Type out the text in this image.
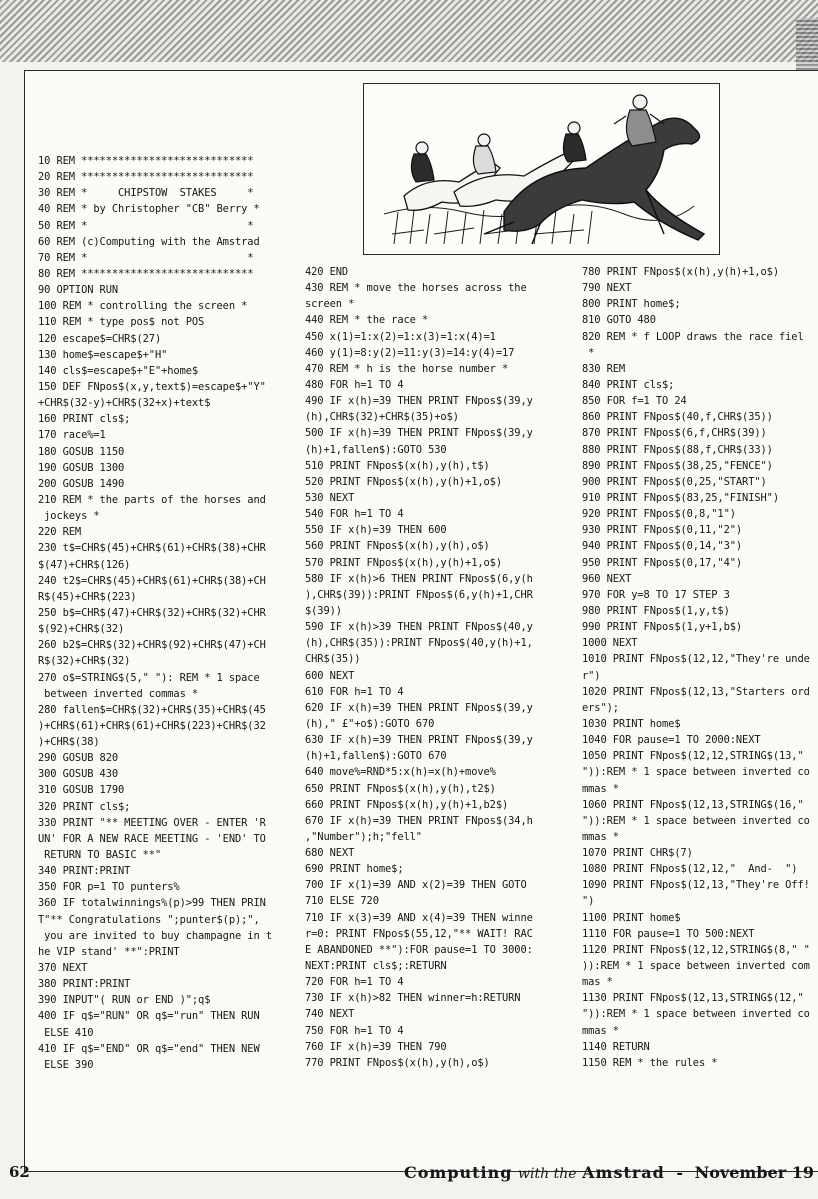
10 REM ****************************
20 REM ****************************
30 REM *     CHIPSTOW  STAKES     *
40 REM * by Christopher "CB" Berry *
50 REM *                          *
60 REM (c)Computing with the Amstrad
70 REM *                          *
80 REM ****************************
90 OPTION RUN
100 REM * controlling the screen *
110 REM * type pos$ not POS
120 escape$=CHR$(27)
130 home$=escape$+"H"
140 cls$=escape$+"E"+home$
150 DEF FNpos$(x,y,text$)=escape$+"Y"
+CHR$(32-y)+CHR$(32+x)+text$
160 PRINT cls$;
170 race%=1
180 GOSUB 1150
190 GOSUB 1300
200 GOSUB 1490
210 REM * the parts of the horses and
jockeys *
220 REM
230 t$=CHR$(45)+CHR$(61)+CHR$(38)+CHR
$(47)+CHR$(126)
240 t2$=CHR$(45)+CHR$(61)+CHR$(38)+CH
R$(45)+CHR$(223)
250 b$=CHR$(47)+CHR$(32)+CHR$(32)+CHR
$(92)+CHR$(32)
260 b2$=CHR$(32)+CHR$(92)+CHR$(47)+CH
R$(32)+CHR$(32)
270 o$=STRING$(5," "): REM * 1 space
between inverted commas *
280 fallen$=CHR$(32)+CHR$(35)+CHR$(45
)+CHR$(61)+CHR$(61)+CHR$(223)+CHR$(32
)+CHR$(38)
290 GOSUB 820
300 GOSUB 430
310 GOSUB 1790
320 PRINT cls$;
330 PRINT "** MEETING OVER - ENTER 'R
UN' FOR A NEW RACE MEETING - 'END' TO
RETURN TO BASIC **"
340 PRINT:PRINT
350 FOR p=1 TO punters%
360 IF totalwinnings%(p)>99 THEN PRIN
T"** Congratulations ";punter$(p);",
you are invited to buy champagne in t
he VIP stand' **":PRINT
370 NEXT
380 PRINT:PRINT
390 INPUT"( RUN or END )";q$
400 IF q$="RUN" OR q$="run" THEN RUN
ELSE 410
410 IF q$="END" OR q$="end" THEN NEW
ELSE 390
420 END
430 REM * move the horses across the
screen *
440 REM * the race *
450 x(1)=1:x(2)=1:x(3)=1:x(4)=1
460 y(1)=8:y(2)=11:y(3)=14:y(4)=17
470 REM * h is the horse number *
480 FOR h=1 TO 4
490 IF x(h)=39 THEN PRINT FNpos$(39,y
(h),CHR$(32)+CHR$(35)+o$)
500 IF x(h)=39 THEN PRINT FNpos$(39,y
(h)+1,fallen$):GOTO 530
510 PRINT FNpos$(x(h),y(h),t$)
520 PRINT FNpos$(x(h),y(h)+1,o$)
530 NEXT
540 FOR h=1 TO 4
550 IF x(h)=39 THEN 600
560 PRINT FNpos$(x(h),y(h),o$)
570 PRINT FNpos$(x(h),y(h)+1,o$)
580 IF x(h)>6 THEN PRINT FNpos$(6,y(h
),CHR$(39)):PRINT FNpos$(6,y(h)+1,CHR
$(39))
590 IF x(h)>39 THEN PRINT FNpos$(40,y
(h),CHR$(35)):PRINT FNpos$(40,y(h)+1,
CHR$(35))
600 NEXT
610 FOR h=1 TO 4
620 IF x(h)=39 THEN PRINT FNpos$(39,y
(h)," £"+o$):GOTO 670
630 IF x(h)=39 THEN PRINT FNpos$(39,y
(h)+1,fallen$):GOTO 670
640 move%=RND*5:x(h)=x(h)+move%
650 PRINT FNpos$(x(h),y(h),t2$)
660 PRINT FNpos$(x(h),y(h)+1,b2$)
670 IF x(h)=39 THEN PRINT FNpos$(34,h
,"Number");h;"fell"
680 NEXT
690 PRINT home$;
700 IF x(1)=39 AND x(2)=39 THEN GOTO
710 ELSE 720
710 IF x(3)=39 AND x(4)=39 THEN winne
r=0: PRINT FNpos$(55,12,"** WAIT! RAC
E ABANDONED **"):FOR pause=1 TO 3000:
NEXT:PRINT cls$;:RETURN
720 FOR h=1 TO 4
730 IF x(h)>82 THEN winner=h:RETURN
740 NEXT
750 FOR h=1 TO 4
760 IF x(h)=39 THEN 790
770 PRINT FNpos$(x(h),y(h),o$)
780 PRINT FNpos$(x(h),y(h)+1,o$)
790 NEXT
800 PRINT home$;
810 GOTO 480
820 REM * f LOOP draws the race fiel
*
830 REM
840 PRINT cls$;
850 FOR f=1 TO 24
860 PRINT FNpos$(40,f,CHR$(35))
870 PRINT FNpos$(6,f,CHR$(39))
880 PRINT FNpos$(88,f,CHR$(33))
890 PRINT FNpos$(38,25,"FENCE")
900 PRINT FNpos$(0,25,"START")
910 PRINT FNpos$(83,25,"FINISH")
920 PRINT FNpos$(0,8,"1")
930 PRINT FNpos$(0,11,"2")
940 PRINT FNpos$(0,14,"3")
950 PRINT FNpos$(0,17,"4")
960 NEXT
970 FOR y=8 TO 17 STEP 3
980 PRINT FNpos$(1,y,t$)
990 PRINT FNpos$(1,y+1,b$)
1000 NEXT
1010 PRINT FNpos$(12,12,"They're unde
r")
1020 PRINT FNpos$(12,13,"Starters ord
ers");
1030 PRINT home$
1040 FOR pause=1 TO 2000:NEXT
1050 PRINT FNpos$(12,12,STRING$(13,"
")):REM * 1 space between inverted co
mmas *
1060 PRINT FNpos$(12,13,STRING$(16,"
")):REM * 1 space between inverted co
mmas *
1070 PRINT CHR$(7)
1080 PRINT FNpos$(12,12,"  And-  ")
1090 PRINT FNpos$(12,13,"They're Off!
")
1100 PRINT home$
1110 FOR pause=1 TO 500:NEXT
1120 PRINT FNpos$(12,12,STRING$(8," "
)):REM * 1 space between inverted com
mas *
1130 PRINT FNpos$(12,13,STRING$(12,"
")):REM * 1 space between inverted co
mmas *
1140 RETURN
1150 REM * the rules *
62	Computing with the Amstrad - November 19
